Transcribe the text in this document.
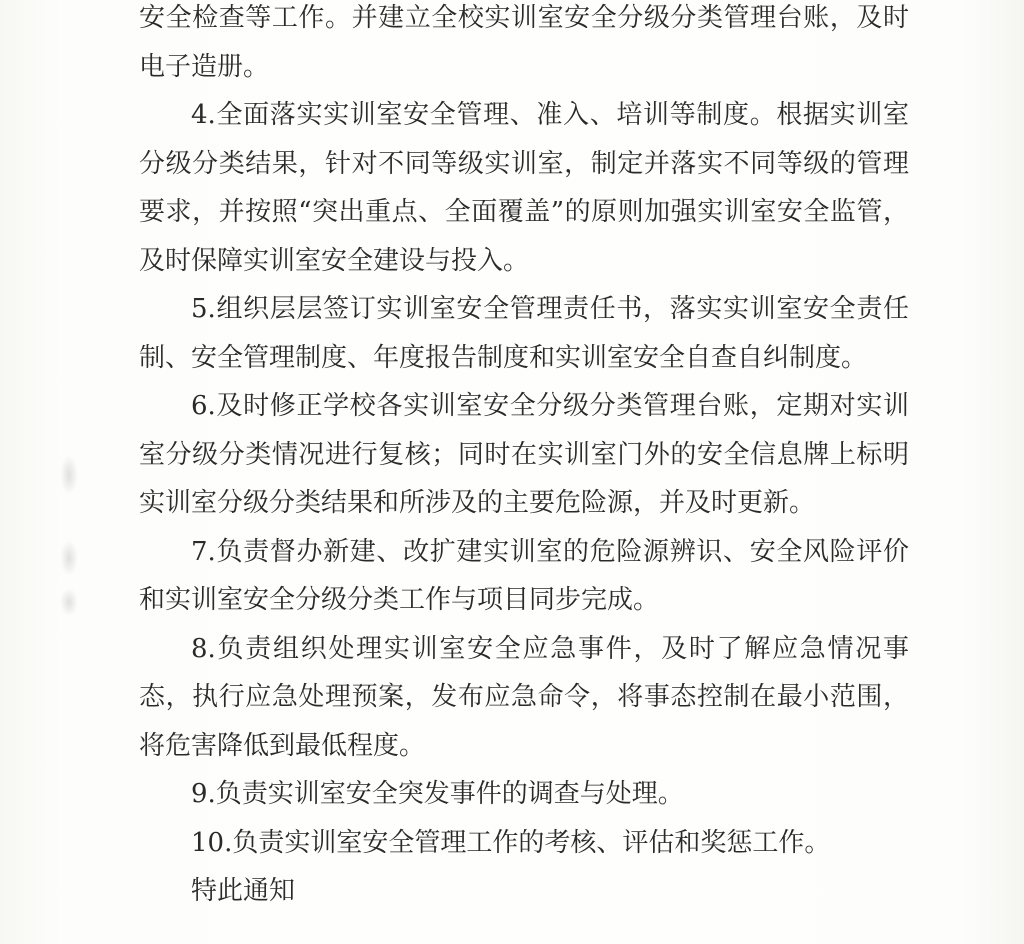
安全检查等工作。并建立全校实训室安全分级分类管理台账，及时电子造册。

4.全面落实实训室安全管理、准入、培训等制度。根据实训室分级分类结果，针对不同等级实训室，制定并落实不同等级的管理要求，并按照“突出重点、全面覆盖”的原则加强实训室安全监管，及时保障实训室安全建设与投入。

5.组织层层签订实训室安全管理责任书，落实实训室安全责任制、安全管理制度、年度报告制度和实训室安全自查自纠制度。

6.及时修正学校各实训室安全分级分类管理台账，定期对实训室分级分类情况进行复核；同时在实训室门外的安全信息牌上标明实训室分级分类结果和所涉及的主要危险源，并及时更新。

7.负责督办新建、改扩建实训室的危险源辨识、安全风险评价和实训室安全分级分类工作与项目同步完成。

8.负责组织处理实训室安全应急事件，及时了解应急情况事态，执行应急处理预案，发布应急命令，将事态控制在最小范围，将危害降低到最低程度。

9.负责实训室安全突发事件的调查与处理。

10.负责实训室安全管理工作的考核、评估和奖惩工作。

特此通知
